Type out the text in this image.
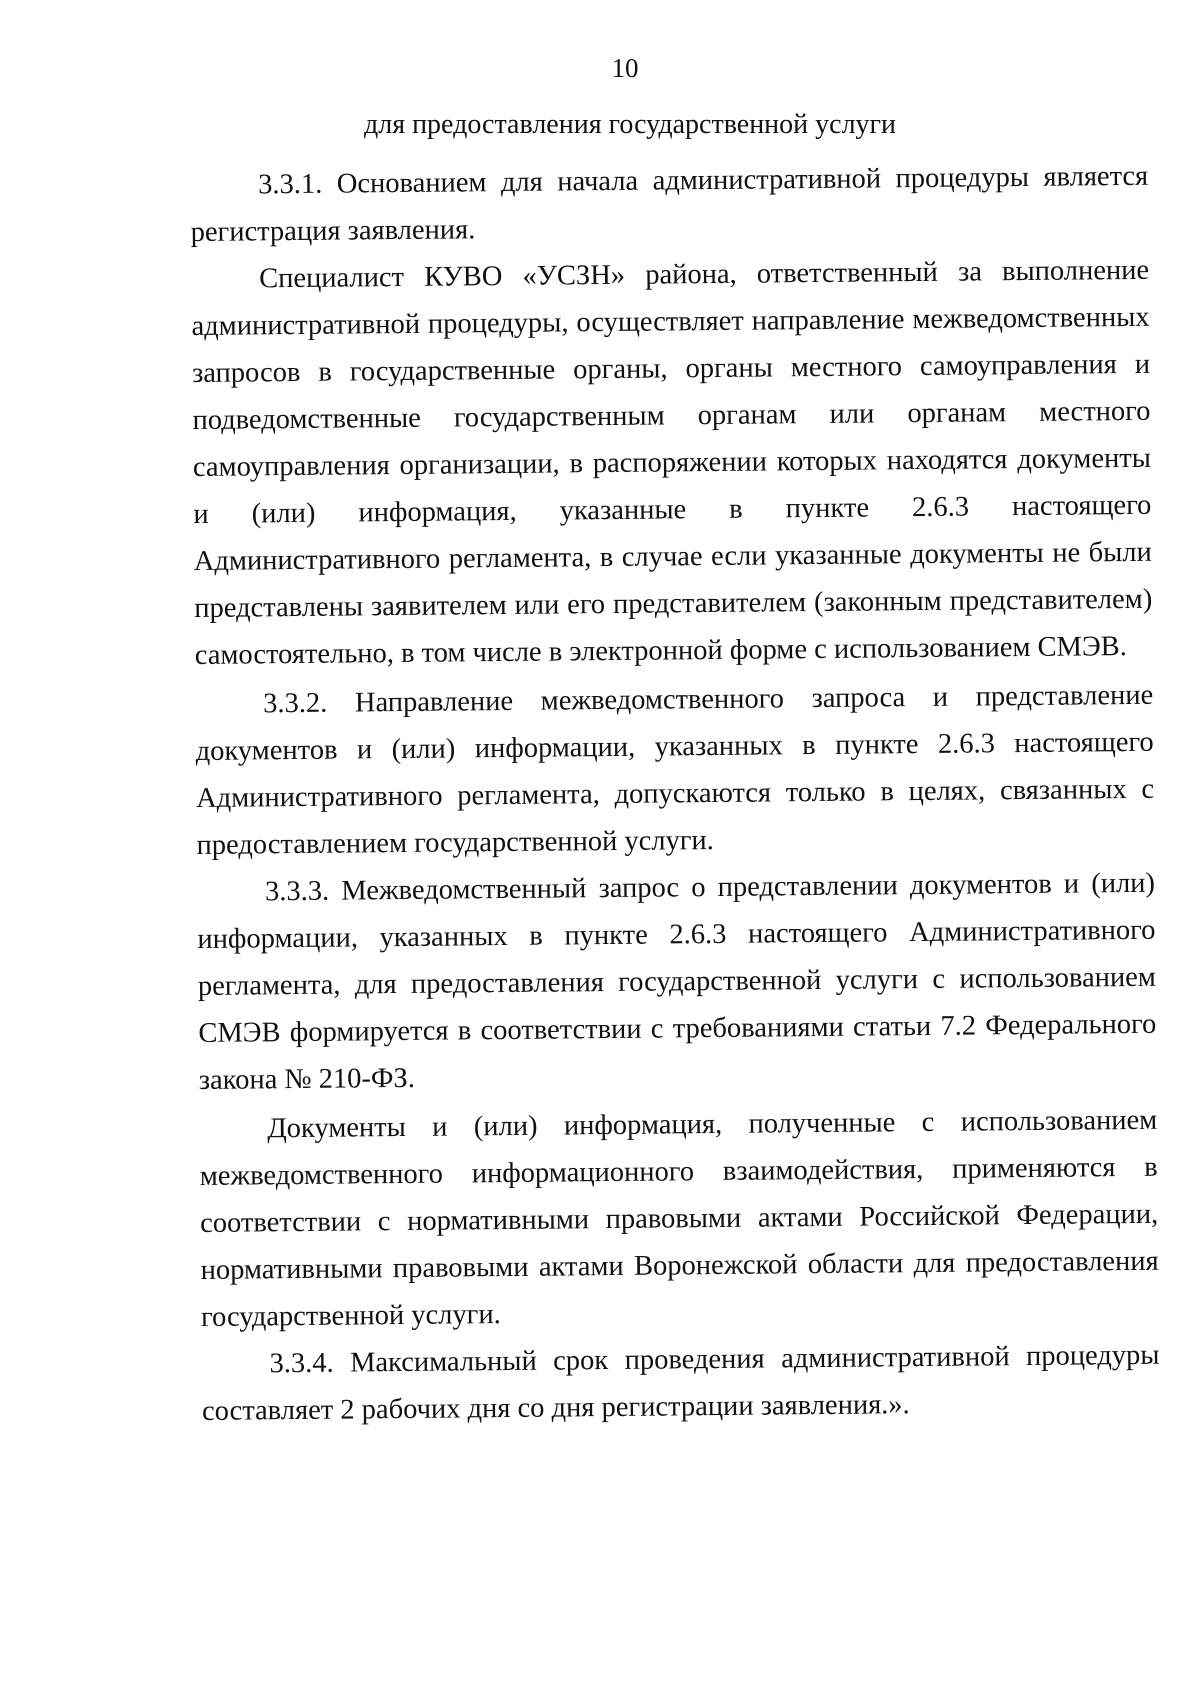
10
для предоставления государственной услуги

3.3.1. Основанием для начала административной процедуры является регистрация заявления.

Специалист КУВО «УСЗН» района, ответственный за выполнение административной процедуры, осуществляет направление межведомственных запросов в государственные органы, органы местного самоуправления и подведомственные государственным органам или органам местного самоуправления организации, в распоряжении которых находятся документы и (или) информация, указанные в пункте 2.6.3 настоящего Административного регламента, в случае если указанные документы не были представлены заявителем или его представителем (законным представителем) самостоятельно, в том числе в электронной форме с использованием СМЭВ.

3.3.2. Направление межведомственного запроса и представление документов и (или) информации, указанных в пункте 2.6.3 настоящего Административного регламента, допускаются только в целях, связанных с предоставлением государственной услуги.

3.3.3. Межведомственный запрос о представлении документов и (или) информации, указанных в пункте 2.6.3 настоящего Административного регламента, для предоставления государственной услуги с использованием СМЭВ формируется в соответствии с требованиями статьи 7.2 Федерального закона № 210-ФЗ.

Документы и (или) информация, полученные с использованием межведомственного информационного взаимодействия, применяются в соответствии с нормативными правовыми актами Российской Федерации, нормативными правовыми актами Воронежской области для предоставления государственной услуги.

3.3.4. Максимальный срок проведения административной процедуры составляет 2 рабочих дня со дня регистрации заявления.».
